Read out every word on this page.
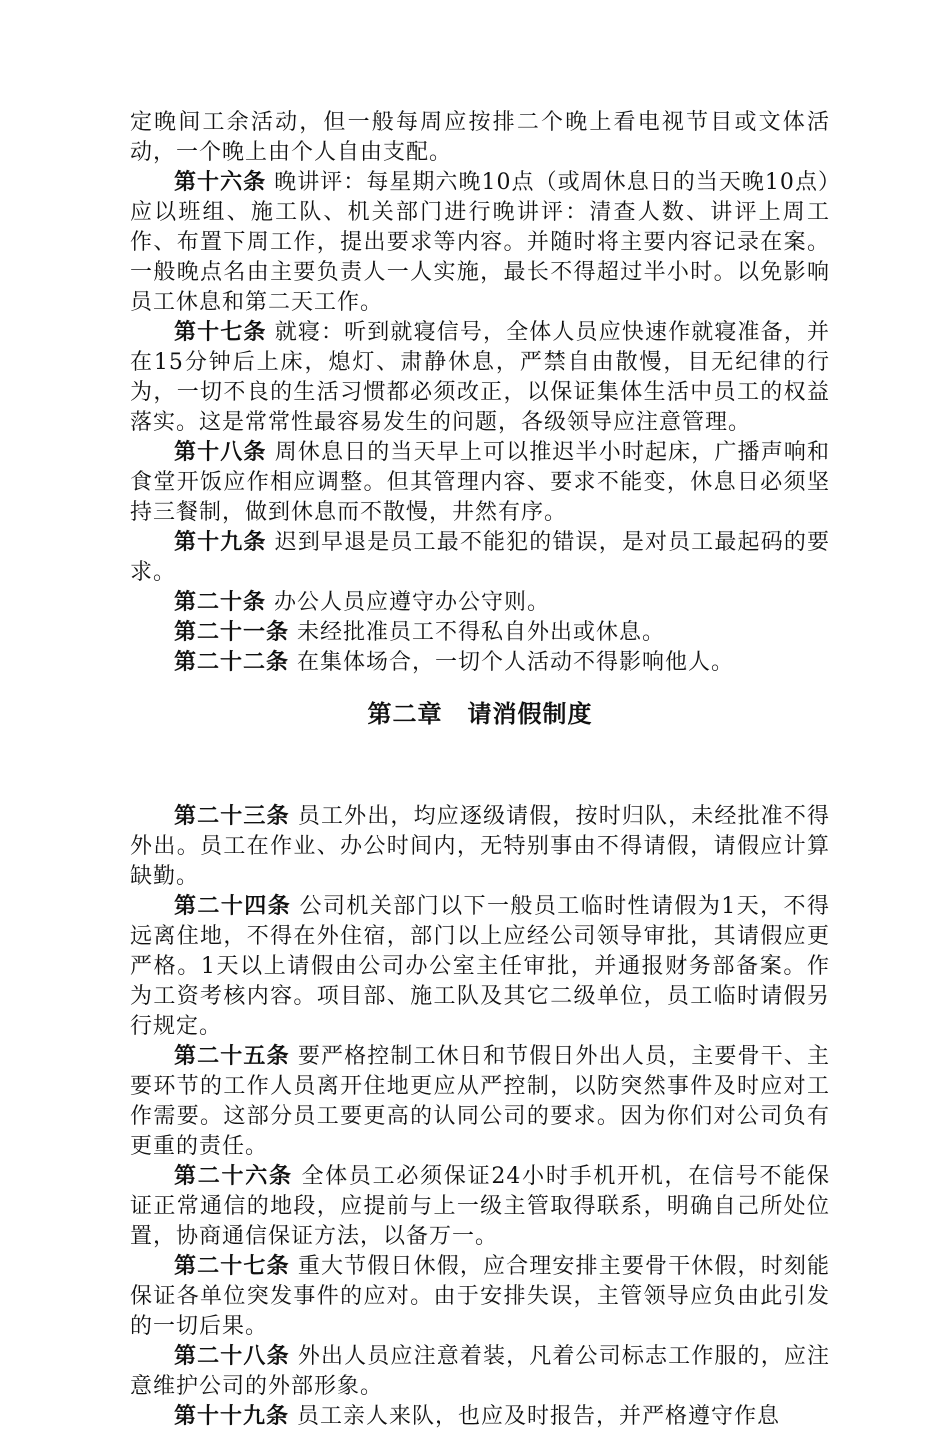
定晚间工余活动，但一般每周应按排二个晚上看电视节目或文体活动，一个晚上由个人自由支配。

第十六条 晚讲评：每星期六晚10点（或周休息日的当天晚10点）应以班组、施工队、机关部门进行晚讲评：清查人数、讲评上周工作、布置下周工作，提出要求等内容。并随时将主要内容记录在案。一般晚点名由主要负责人一人实施，最长不得超过半小时。以免影响员工休息和第二天工作。

第十七条 就寝：听到就寝信号，全体人员应快速作就寝准备，并在15分钟后上床，熄灯、肃静休息，严禁自由散慢，目无纪律的行为，一切不良的生活习惯都必须改正，以保证集体生活中员工的权益落实。这是常常性最容易发生的问题，各级领导应注意管理。

第十八条 周休息日的当天早上可以推迟半小时起床，广播声响和食堂开饭应作相应调整。但其管理内容、要求不能变，休息日必须坚持三餐制，做到休息而不散慢，井然有序。

第十九条 迟到早退是员工最不能犯的错误，是对员工最起码的要求。

第二十条 办公人员应遵守办公守则。

第二十一条 未经批准员工不得私自外出或休息。

第二十二条 在集体场合，一切个人活动不得影响他人。

第二章　请消假制度

第二十三条 员工外出，均应逐级请假，按时归队，未经批准不得外出。员工在作业、办公时间内，无特别事由不得请假，请假应计算缺勤。

第二十四条 公司机关部门以下一般员工临时性请假为1天，不得远离住地，不得在外住宿，部门以上应经公司领导审批，其请假应更严格。1天以上请假由公司办公室主任审批，并通报财务部备案。作为工资考核内容。项目部、施工队及其它二级单位，员工临时请假另行规定。

第二十五条 要严格控制工休日和节假日外出人员，主要骨干、主要环节的工作人员离开住地更应从严控制，以防突然事件及时应对工作需要。这部分员工要更高的认同公司的要求。因为你们对公司负有更重的责任。

第二十六条 全体员工必须保证24小时手机开机，在信号不能保证正常通信的地段，应提前与上一级主管取得联系，明确自己所处位置，协商通信保证方法，以备万一。

第二十七条 重大节假日休假，应合理安排主要骨干休假，时刻能保证各单位突发事件的应对。由于安排失误，主管领导应负由此引发的一切后果。

第二十八条 外出人员应注意着装，凡着公司标志工作服的，应注意维护公司的外部形象。

第十十九条 员工亲人来队，也应及时报告，并严格遵守作息
